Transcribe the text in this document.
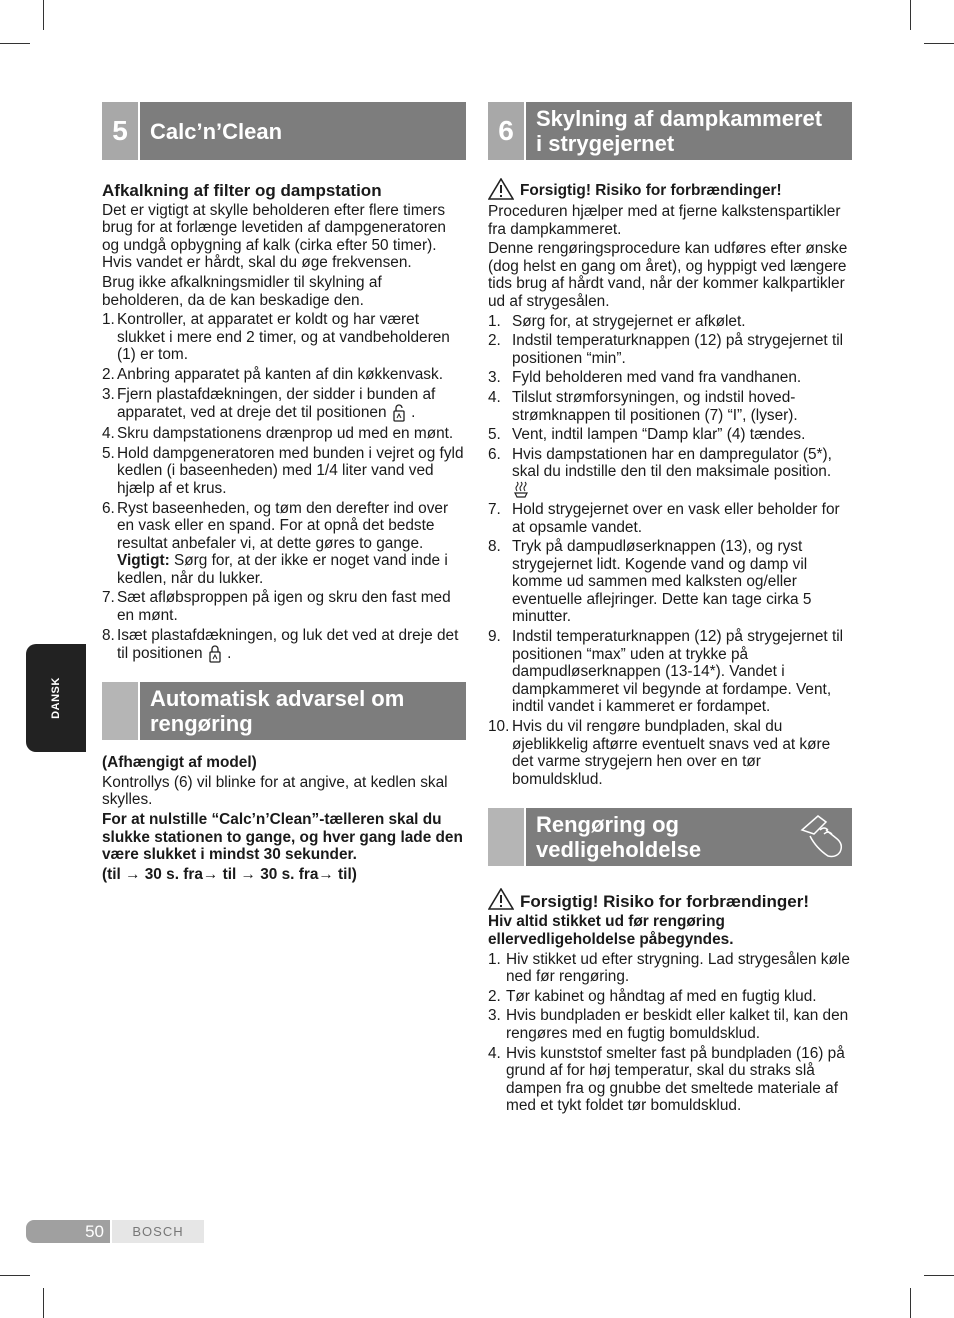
DANSK
5	Calc’n’Clean
Afkalkning af filter og dampstation

Det er vigtigt at skylle beholderen efter flere timers brug for at forlænge levetiden af dampgeneratoren og undgå opbygning af kalk (cirka efter 50 timer). Hvis vandet er hårdt, skal du øge frekvensen.

Brug ikke afkalkningsmidler til skylning af beholderen, da de kan beskadige den.

1. Kontroller, at apparatet er koldt og har været slukket i mere end 2 timer, og at vandbeholderen (1) er tom.
2. Anbring apparatet på kanten af din køkkenvask.
3. Fjern plastafdækningen, der sidder i bunden af apparatet, ved at dreje det til positionen .
4. Skru dampstationens drænprop ud med en mønt.
5. Hold dampgeneratoren med bunden i vejret og fyld kedlen (i baseenheden) med 1/4 liter vand ved hjælp af et krus.
6. Ryst baseenheden, og tøm den derefter ind over en vask eller en spand. For at opnå det bedste resultat anbefaler vi, at dette gøres to gange.
Vigtigt: Sørg for, at der ikke er noget vand inde i kedlen, når du lukker.
7. Sæt afløbsproppen på igen og skru den fast med en mønt.
8. Isæt plastafdækningen, og luk det ved at dreje det til positionen .
Automatisk advarsel om
rengøring

(Afhængigt af model)

Kontrollys (6) vil blinke for at angive, at kedlen skal skylles.

For at nulstille “Calc’n’Clean”-tælleren skal du slukke stationen to gange, og hver gang lade den være slukket i mindst 30 sekunder.

(til → 30 s. fra→ til → 30 s. fra→ til)

6	Skylning af dampkammeret
i strygejernet
Forsigtig! Risiko for forbrændinger!

Proceduren hjælper med at fjerne kalkstenspartikler fra dampkammeret.

Denne rengøringsprocedure kan udføres efter ønske (dog helst en gang om året), og hyppigt ved længere tids brug af hårdt vand, når der kommer kalkpartikler ud af strygesålen.

1. Sørg for, at strygejernet er afkølet.
2. Indstil temperaturknappen (12) på strygejernet til positionen “min”.
3. Fyld beholderen med vand fra vandhanen.
4. Tilslut strømforsyningen, og indstil hoved-strømknappen til positionen (7) “I”, (lyser).
5. Vent, indtil lampen “Damp klar” (4) tændes.
6. Hvis dampstationen har en dampregulator (5*), skal du indstille den til den maksimale position.
7. Hold strygejernet over en vask eller beholder for at opsamle vandet.
8. Tryk på dampudløserknappen (13), og ryst strygejernet lidt. Kogende vand og damp vil komme ud sammen med kalksten og/eller eventuelle aflejringer. Dette kan tage cirka 5 minutter.
9. Indstil temperaturknappen (12) på strygejernet til positionen “max” uden at trykke på dampudløserknappen (13-14*). Vandet i dampkammeret vil begynde at fordampe. Vent, indtil vandet i kammeret er fordampet.
10. Hvis du vil rengøre bundpladen, skal du øjeblikkelig aftørre eventuelt snavs ved at køre det varme strygejern hen over en tør bomuldsklud.
Rengøring og
vedligeholdelse
Forsigtig! Risiko for forbrændinger!

Hiv altid stikket ud før rengøring ellervedligeholdelse påbegyndes.

1. Hiv stikket ud efter strygning. Lad strygesålen køle ned før rengøring.
2. Tør kabinet og håndtag af med en fugtig klud.
3. Hvis bundpladen er beskidt eller kalket til, kan den rengøres med en fugtig bomuldsklud.
4. Hvis kunststof smelter fast på bundpladen (16) på grund af for høj temperatur, skal du straks slå dampen fra og gnubbe det smeltede materiale af med et tykt foldet tør bomuldsklud.
50	BOSCH
